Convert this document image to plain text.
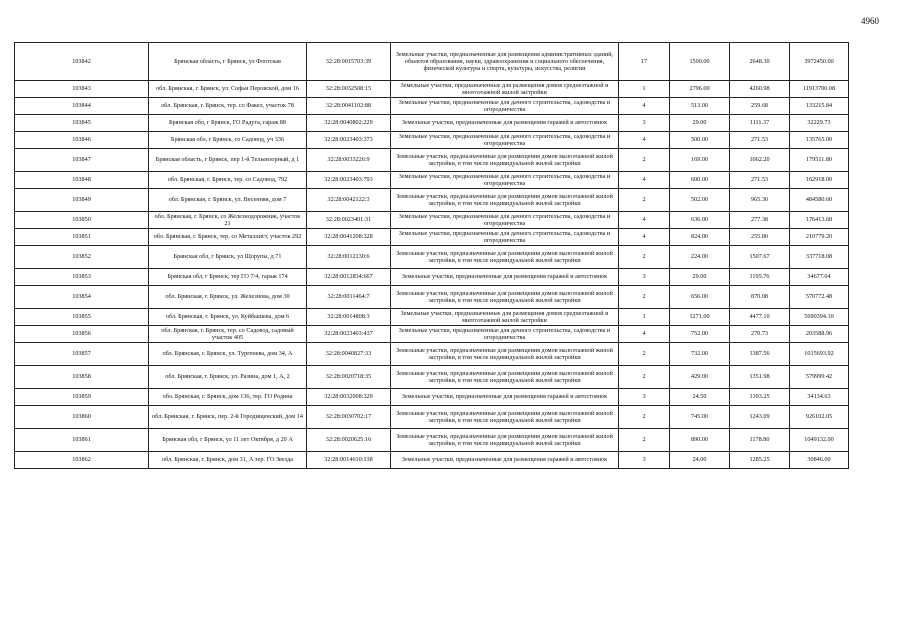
4960
103842	Брянская область, г Брянск, ул Флотская	32:28:0015703:39	Земельные участки, предназначенные для размещения административных зданий, объектов образования, науки, здравоохранения и социального обеспечения, физической культуры и спорта, культуры, искусства, религии	17	1500.00	2648.30	3972450.00
103843	обл. Брянская, г. Брянск, ул. Софьи Перовской, дом 16	32:28:0032508:15	Земельные участки, предназначенные для размещения домов среднеэтажной и многоэтажной жилой застройки	1	2796.00	4260.98	11913700.08
103844	обл. Брянская, г. Брянск, тер. со Факел, участок 78	32:28:0041102:88	Земельные участки, предназначенные для дачного строительства, садоводства и огородничества	4	513.00	259.68	133215.84
103845	Брянская обл, г Брянск, ГО Радуга, гараж 88	32:28:0040802:229	Земельные участки, предназначенные для размещения гаражей и автостоянок	3	29.00	1111.37	32229.73
103846	Брянская обл, г Брянск, со Садовод, уч 336	32:28:0023403:373	Земельные участки, предназначенные для дачного строительства, садоводства и огородничества	4	500.00	271.53	135765.00
103847	Брянская область, г Брянск, пер 1-й Тельевзорный, д 1	32:28:0033226:9	Земельные участки, предназначенные для размещения домов малоэтажной жилой застройки, в том числе индивидуальной жилой застройки	2	169.00	1062.20	179511.80
103848	обл. Брянская, г. Брянск, тер. со Садовод, 792	32:28:0023403:793	Земельные участки, предназначенные для дачного строительства, садоводства и огородничества	4	600.00	271.53	162918.00
103849	обл. Брянская, г. Брянск, ул. Весенняя, дом 7	32:28:0042122:3	Земельные участки, предназначенные для размещения домов малоэтажной жилой застройки, в том числе индивидуальной жилой застройки	2	502.00	965.30	484580.60
103850	обл. Брянская, г. Брянск, со Железнодорожник, участок 21	32:28:0023401:31	Земельные участки, предназначенные для дачного строительства, садоводства и огородничества	4	636.00	277.38	176413.68
103851	обл. Брянская, г. Брянск, тер. со Металлист, участок 292	32:28:0041208:328	Земельные участки, предназначенные для дачного строительства, садоводства и огородничества	4	824.00	255.80	210779.20
103852	Брянская обл, г Брянск, ул Щорупы, д 71	32:28:0012130:6	Земельные участки, предназначенные для размещения домов малоэтажной жилой застройки, в том числе индивидуальной жилой застройки	2	224.00	1507.67	337718.08
103853	Брянская обл, г Брянск, тер ГО 7/4, гараж 174	32:28:0012834:667	Земельные участки, предназначенные для размещения гаражей и автостоянок	3	29.00	1195.76	34677.04
103854	обл. Брянская, г. Брянск, ул. Железнова, дом 30	32:28:0011464:7	Земельные участки, предназначенные для размещения домов малоэтажной жилой застройки, в том числе индивидуальной жилой застройки	2	656.00	870.08	570772.48
103855	обл. Брянская, г. Брянск, ул. Куйбышева, дом 6	32:28:0014808:3	Земельные участки, предназначенные для размещения домов среднеэтажной и многоэтажной жилой застройки	1	1271.00	4477.10	5690394.10
103856	обл. Брянская, г. Брянск, тер. со Садовод, садовый участок 405	32:28:0023403:437	Земельные участки, предназначенные для дачного строительства, садоводства и огородничества	4	752.00	270.73	203588.96
103857	обл. Брянская, г. Брянск, ул. Тургенева, дом 34, А	32:28:0040827:33	Земельные участки, предназначенные для размещения домов малоэтажной жилой застройки, в том числе индивидуальной жилой застройки	2	732.00	1387.56	1015693.92
103858	обл. Брянская, г. Брянск, ул. Разина, дом 1, А, 2	32:28:0020718:35	Земельные участки, предназначенные для размещения домов малоэтажной жилой застройки, в том числе индивидуальной жилой застройки	2	429.00	1351.98	579999.42
103859	обл. Брянская, г. Брянск, дом 136, тер. ГО Родина	32:28:0032008:329	Земельные участки, предназначенные для размещения гаражей и автостоянок	3	24.50	1393.25	34134.63
103860	обл. Брянская, г. Брянск, пер. 2-й Городищенский, дом 14	32:28:0030702:17	Земельные участки, предназначенные для размещения домов малоэтажной жилой застройки, в том числе индивидуальной жилой застройки	2	745.00	1243.09	926102.05
103861	Брянская обл, г Брянск, ул 11 лет Октября, д 20 А	32:28:0020625:16	Земельные участки, предназначенные для размещения домов малоэтажной жилой застройки, в том числе индивидуальной жилой застройки	2	890.00	1178.80	1049132.00
103862	обл. Брянская, г. Брянск, дом 31, А тер. ГО Звезда	32:28:0014610:138	Земельные участки, предназначенные для размещения гаражей и автостоянок	3	24.00	1285.25	30846.00
